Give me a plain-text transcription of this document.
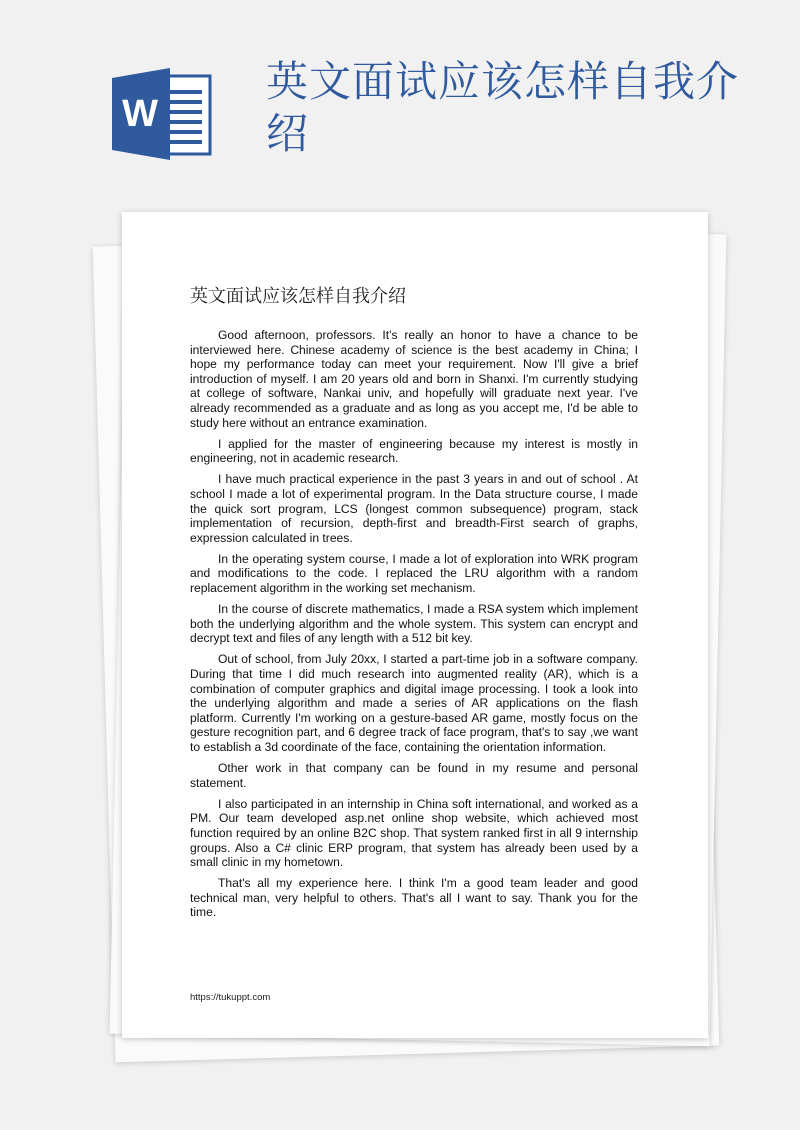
W
英文面试应该怎样自我介绍
英文面试应该怎样自我介绍

Good afternoon, professors. It's really an honor to have a chance to be interviewed here. Chinese academy of science is the best academy in China; I hope my performance today can meet your requirement. Now I'll give a brief introduction of myself. I am 20 years old and born in Shanxi. I'm currently studying at college of software, Nankai univ, and hopefully will graduate next year. I've already recommended as a graduate and as long as you accept me, I'd be able to study here without an entrance examination.

I applied for the master of engineering because my interest is mostly in engineering, not in academic research.

I have much practical experience in the past 3 years in and out of school . At school I made a lot of experimental program. In the Data structure course, I made the quick sort program, LCS (longest common subsequence) program, stack implementation of recursion, depth-first and breadth-First search of graphs, expression calculated in trees.

In the operating system course, I made a lot of exploration into WRK program and modifications to the code. I replaced the LRU algorithm with a random replacement algorithm in the working set mechanism.

In the course of discrete mathematics, I made a RSA system which implement both the underlying algorithm and the whole system. This system can encrypt and decrypt text and files of any length with a 512 bit key.

Out of school, from July 20xx, I started a part-time job in a software company. During that time I did much research into augmented reality (AR), which is a combination of computer graphics and digital image processing. I took a look into the underlying algorithm and made a series of AR applications on the flash platform. Currently I'm working on a gesture-based AR game, mostly focus on the gesture recognition part, and 6 degree track of face program, that's to say ,we want to establish a 3d coordinate of the face, containing the orientation information.

Other work in that company can be found in my resume and personal statement.

I also participated in an internship in China soft international, and worked as a PM. Our team developed asp.net online shop website, which achieved most function required by an online B2C shop. That system ranked first in all 9 internship groups. Also a C# clinic ERP program, that system has already been used by a small clinic in my hometown.

That's all my experience here. I think I'm a good team leader and good technical man, very helpful to others. That's all I want to say. Thank you for the time.

https://tukuppt.com
